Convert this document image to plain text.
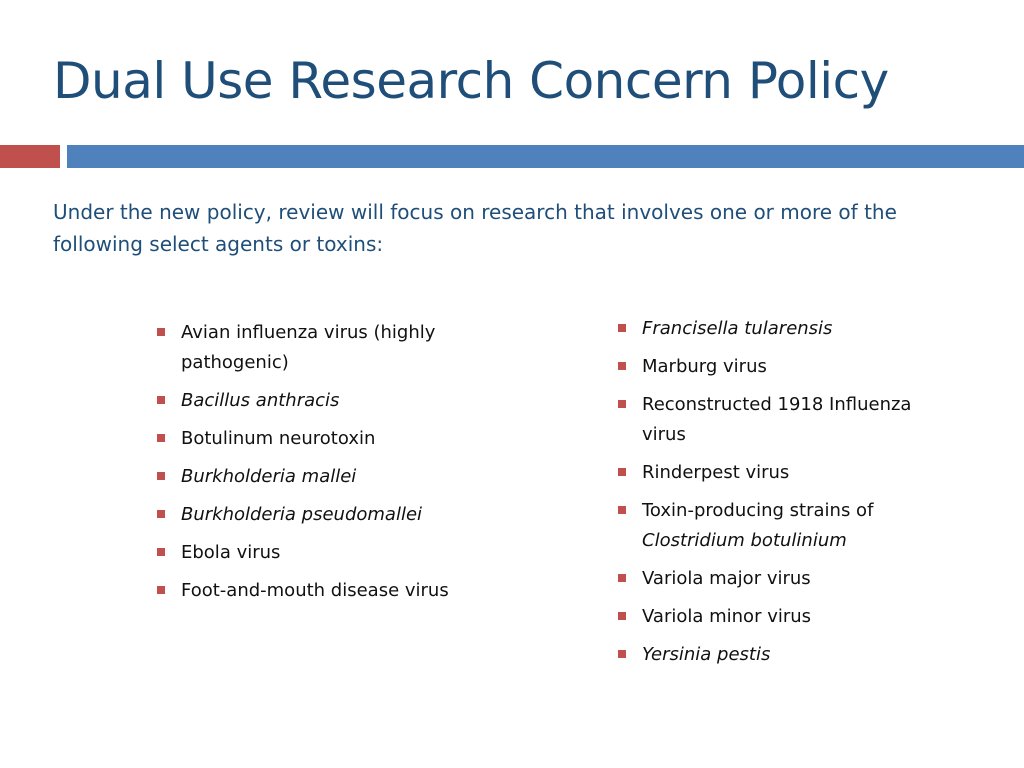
Dual Use Research Concern Policy
Under the new policy, review will focus on research that involves one or more of the following select agents or toxins:
Avian influenza virus (highly pathogenic)
Bacillus anthracis
Botulinum neurotoxin
Burkholderia mallei
Burkholderia pseudomallei
Ebola virus
Foot-and-mouth disease virus
Francisella tularensis
Marburg virus
Reconstructed 1918 Influenza virus
Rinderpest virus
Toxin-producing strains of
Clostridium botulinium
Variola major virus
Variola minor virus
Yersinia pestis
